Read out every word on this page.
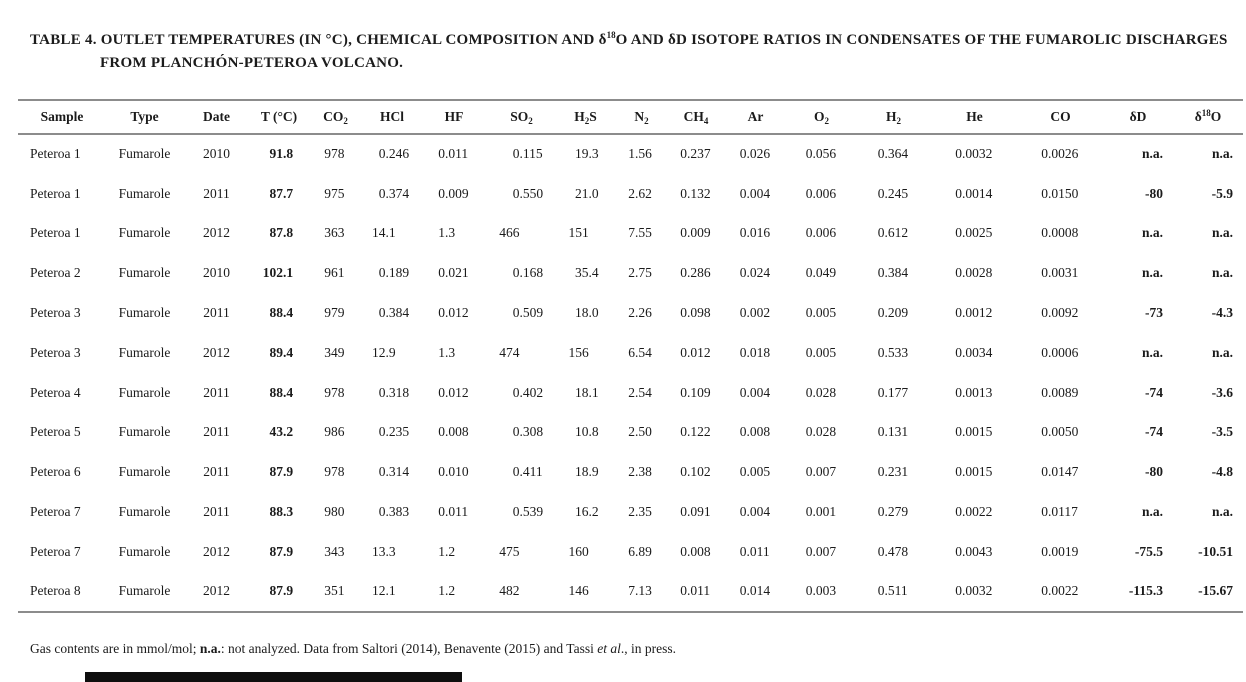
TABLE 4. OUTLET TEMPERATURES (IN °C), CHEMICAL COMPOSITION AND $\delta^{18}O$ AND δD ISOTOPE RATIOS IN CONDENSATES OF THE FUMAROLIC DISCHARGES
FROM PLANCHÓN-PETEROA VOLCANO.
Sample	Type	Date	T (°C)	$CO_2$	HCl	HF	$SO_2$	$H_2S$	$N_2$	$CH_4$	Ar	$O_2$	$H_2$	He	CO	δD	$\delta^{18}O$
Peteroa 1	Fumarole	2010	91.8	978	0.246	0.011	0.115	19.3	1.56	0.237	0.026	0.056	0.364	0.0032	0.0026	n.a.	n.a.
Peteroa 1	Fumarole	2011	87.7	975	0.374	0.009	0.550	21.0	2.62	0.132	0.004	0.006	0.245	0.0014	0.0150	-80	-5.9
Peteroa 1	Fumarole	2012	87.8	363	14.1	1.3	466	151	7.55	0.009	0.016	0.006	0.612	0.0025	0.0008	n.a.	n.a.
Peteroa 2	Fumarole	2010	102.1	961	0.189	0.021	0.168	35.4	2.75	0.286	0.024	0.049	0.384	0.0028	0.0031	n.a.	n.a.
Peteroa 3	Fumarole	2011	88.4	979	0.384	0.012	0.509	18.0	2.26	0.098	0.002	0.005	0.209	0.0012	0.0092	-73	-4.3
Peteroa 3	Fumarole	2012	89.4	349	12.9	1.3	474	156	6.54	0.012	0.018	0.005	0.533	0.0034	0.0006	n.a.	n.a.
Peteroa 4	Fumarole	2011	88.4	978	0.318	0.012	0.402	18.1	2.54	0.109	0.004	0.028	0.177	0.0013	0.0089	-74	-3.6
Peteroa 5	Fumarole	2011	43.2	986	0.235	0.008	0.308	10.8	2.50	0.122	0.008	0.028	0.131	0.0015	0.0050	-74	-3.5
Peteroa 6	Fumarole	2011	87.9	978	0.314	0.010	0.411	18.9	2.38	0.102	0.005	0.007	0.231	0.0015	0.0147	-80	-4.8
Peteroa 7	Fumarole	2011	88.3	980	0.383	0.011	0.539	16.2	2.35	0.091	0.004	0.001	0.279	0.0022	0.0117	n.a.	n.a.
Peteroa 7	Fumarole	2012	87.9	343	13.3	1.2	475	160	6.89	0.008	0.011	0.007	0.478	0.0043	0.0019	-75.5	-10.51
Peteroa 8	Fumarole	2012	87.9	351	12.1	1.2	482	146	7.13	0.011	0.014	0.003	0.511	0.0032	0.0022	-115.3	-15.67
Gas contents are in mmol/mol; n.a.: not analyzed. Data from Saltori (2014), Benavente (2015) and Tassi et al., in press.
